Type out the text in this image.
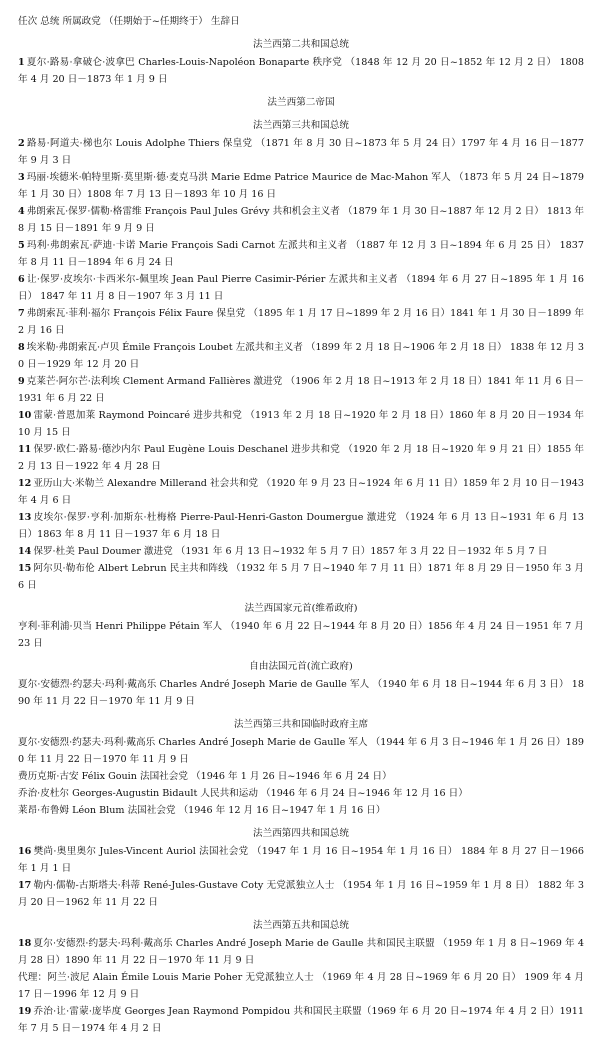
任次 总统 所属政党 （任期始于~任期终于） 生辞日
法兰西第二共和国总统
1 夏尔·路易·拿破仑·波拿巴 Charles-Louis-Napoléon Bonaparte 秩序党 （1848 年 12 月 20 日~1852 年 12 月 2 日） 1808 年 4 月 20 日－1873 年 1 月 9 日
法兰西第二帝国
法兰西第三共和国总统
2 路易·阿道夫·梯也尔 Louis Adolphe Thiers 保皇党 （1871 年 8 月 30 日~1873 年 5 月 24 日）1797 年 4 月 16 日－1877 年 9 月 3 日
3 玛丽·埃德米·帕特里斯·莫里斯·德·麦克马洪 Marie Edme Patrice Maurice de Mac-Mahon 军人 （1873 年 5 月 24 日~1879 年 1 月 30 日）1808 年 7 月 13 日－1893 年 10 月 16 日
4 弗朗索瓦·保罗·儒勒·格雷维 François Paul Jules Grévy 共和机会主义者 （1879 年 1 月 30 日~1887 年 12 月 2 日） 1813 年 8 月 15 日－1891 年 9 月 9 日
5 玛利·弗朗索瓦·萨迪·卡诺 Marie François Sadi Carnot 左派共和主义者 （1887 年 12 月 3 日~1894 年 6 月 25 日） 1837 年 8 月 11 日－1894 年 6 月 24 日
6 让·保罗·皮埃尔·卡西米尔-佩里埃 Jean Paul Pierre Casimir-Périer 左派共和主义者 （1894 年 6 月 27 日~1895 年 1 月 16 日） 1847 年 11 月 8 日－1907 年 3 月 11 日
7 弗朗索瓦·菲利·福尔 François Félix Faure 保皇党 （1895 年 1 月 17 日~1899 年 2 月 16 日）1841 年 1 月 30 日－1899 年 2 月 16 日
8 埃米勒·弗朗索瓦·卢贝 Émile François Loubet 左派共和主义者 （1899 年 2 月 18 日~1906 年 2 月 18 日） 1838 年 12 月 30 日－1929 年 12 月 20 日
9 克莱芒·阿尔芒·法利埃 Clement Armand Fallières 激进党 （1906 年 2 月 18 日~1913 年 2 月 18 日）1841 年 11 月 6 日－1931 年 6 月 22 日
10 雷蒙·普恩加莱 Raymond Poincaré 进步共和党 （1913 年 2 月 18 日~1920 年 2 月 18 日）1860 年 8 月 20 日－1934 年 10 月 15 日
11 保罗·欧仁·路易·德沙内尔 Paul Eugène Louis Deschanel 进步共和党 （1920 年 2 月 18 日~1920 年 9 月 21 日）1855 年 2 月 13 日－1922 年 4 月 28 日
12 亚历山大·米勒兰 Alexandre Millerand 社会共和党 （1920 年 9 月 23 日~1924 年 6 月 11 日）1859 年 2 月 10 日－1943 年 4 月 6 日
13 皮埃尔·保罗·亨利·加斯东·杜梅格 Pierre-Paul-Henri-Gaston Doumergue 激进党 （1924 年 6 月 13 日~1931 年 6 月 13 日）1863 年 8 月 11 日－1937 年 6 月 18 日
14 保罗·杜美 Paul Doumer 激进党 （1931 年 6 月 13 日~1932 年 5 月 7 日）1857 年 3 月 22 日－1932 年 5 月 7 日
15 阿尔贝·勒布伦 Albert Lebrun 民主共和阵线 （1932 年 5 月 7 日~1940 年 7 月 11 日）1871 年 8 月 29 日－1950 年 3 月 6 日
法兰西国家元首(维希政府)
亨利·菲利浦·贝当 Henri Philippe Pétain 军人 （1940 年 6 月 22 日~1944 年 8 月 20 日）1856 年 4 月 24 日－1951 年 7 月 23 日
自由法国元首(流亡政府)
夏尔·安德烈·约瑟夫·玛利·戴高乐 Charles André Joseph Marie de Gaulle 军人 （1940 年 6 月 18 日~1944 年 6 月 3 日） 1890 年 11 月 22 日－1970 年 11 月 9 日
法兰西第三共和国临时政府主席
夏尔·安德烈·约瑟夫·玛利·戴高乐 Charles André Joseph Marie de Gaulle 军人 （1944 年 6 月 3 日~1946 年 1 月 26 日）1890 年 11 月 22 日－1970 年 11 月 9 日
费历克斯·古安 Félix Gouin 法国社会党 （1946 年 1 月 26 日~1946 年 6 月 24 日）
乔治·皮杜尔 Georges-Augustin Bidault 人民共和运动 （1946 年 6 月 24 日~1946 年 12 月 16 日）
莱昂·布鲁姆 Léon Blum 法国社会党 （1946 年 12 月 16 日~1947 年 1 月 16 日）
法兰西第四共和国总统
16 樊尚·奥里奥尔 Jules-Vincent Auriol 法国社会党 （1947 年 1 月 16 日~1954 年 1 月 16 日） 1884 年 8 月 27 日－1966 年 1 月 1 日
17 勒内·儒勒-古斯塔夫·科蒂 René-Jules-Gustave Coty 无党派独立人士 （1954 年 1 月 16 日~1959 年 1 月 8 日） 1882 年 3 月 20 日－1962 年 11 月 22 日
法兰西第五共和国总统
18 夏尔·安德烈·约瑟夫·玛利·戴高乐 Charles André Joseph Marie de Gaulle 共和国民主联盟 （1959 年 1 月 8 日~1969 年 4 月 28 日）1890 年 11 月 22 日－1970 年 11 月 9 日
代理：阿兰·波尼 Alain Émile Louis Marie Poher 无党派独立人士 （1969 年 4 月 28 日~1969 年 6 月 20 日） 1909 年 4 月 17 日－1996 年 12 月 9 日
19 乔治·让·雷蒙·庞毕度 Georges Jean Raymond Pompidou 共和国民主联盟（1969 年 6 月 20 日~1974 年 4 月 2 日）1911 年 7 月 5 日－1974 年 4 月 2 日
